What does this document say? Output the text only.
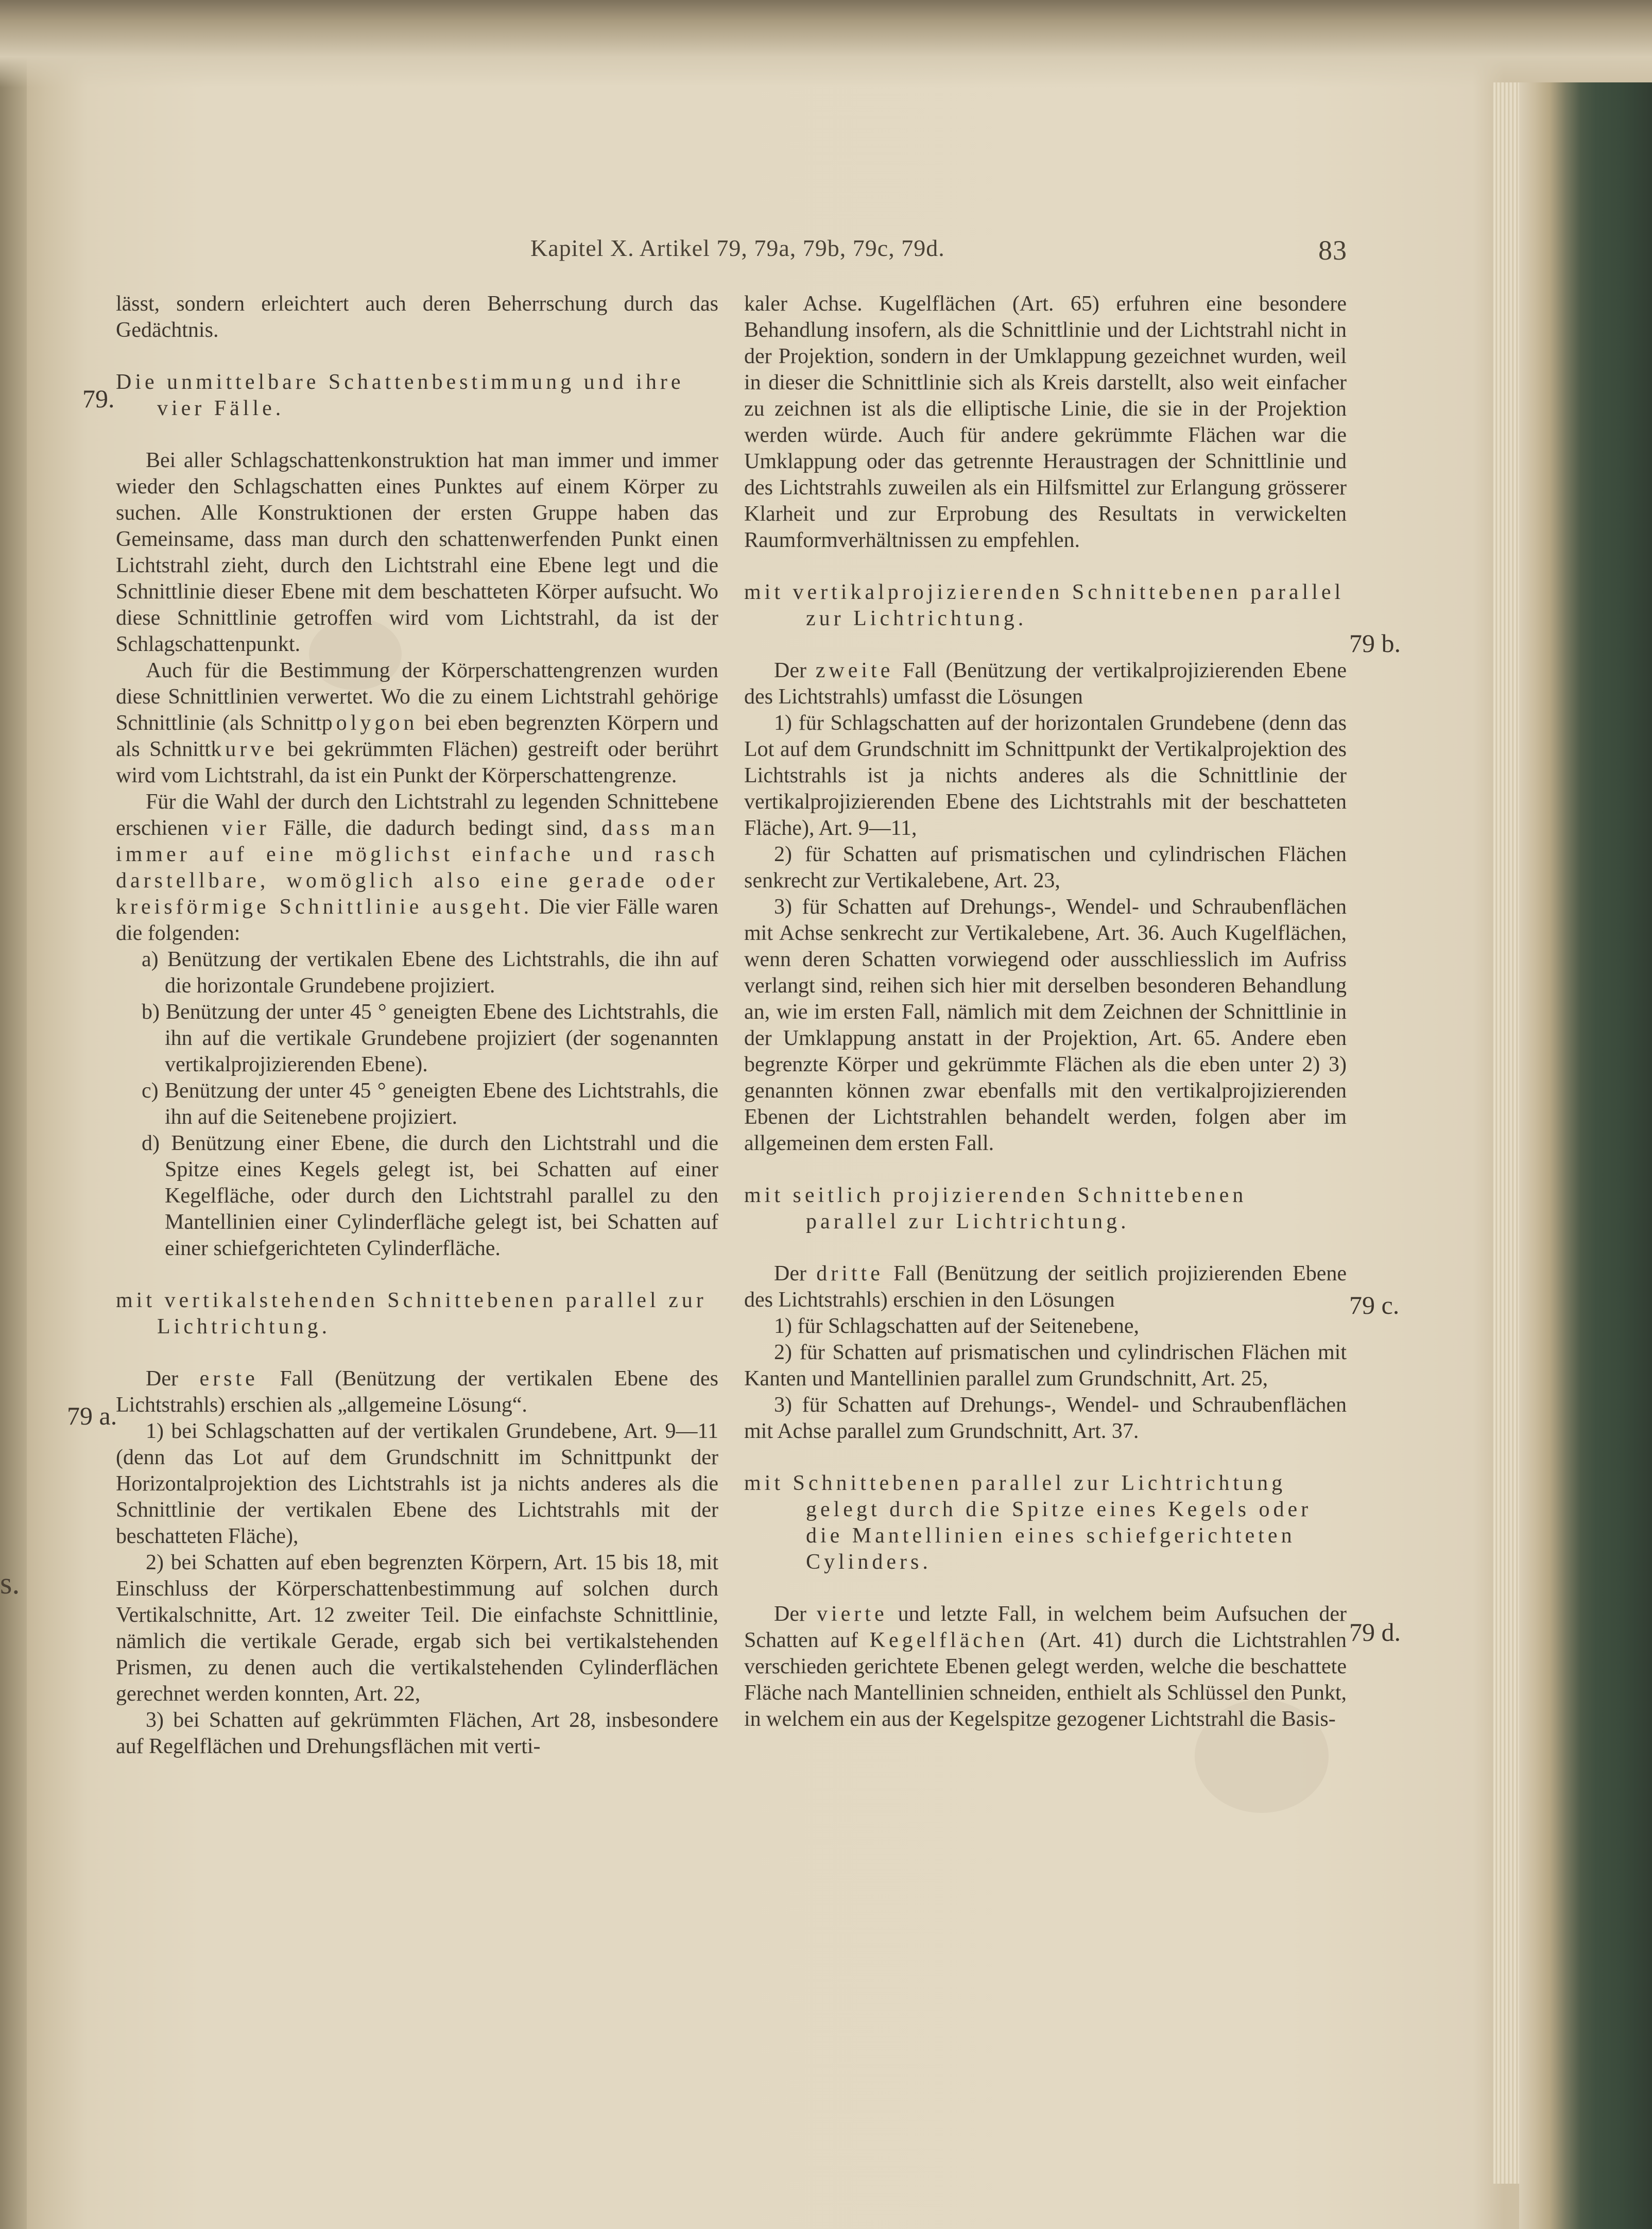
s.
Kapitel X. Artikel 79, 79a, 79b, 79c, 79d.	83
79.
79 a.

lässt, sondern erleichtert auch deren Beherrschung durch das Gedächtnis.

Die unmittelbare Schattenbestimmung und ihre vier Fälle.

Bei aller Schlagschattenkonstruktion hat man immer und immer wieder den Schlagschatten eines Punktes auf einem Körper zu suchen. Alle Konstruktionen der ersten Gruppe haben das Gemeinsame, dass man durch den schattenwerfenden Punkt einen Lichtstrahl zieht, durch den Lichtstrahl eine Ebene legt und die Schnittlinie dieser Ebene mit dem beschatteten Körper aufsucht. Wo diese Schnittlinie getroffen wird vom Lichtstrahl, da ist der Schlagschattenpunkt.

Auch für die Bestimmung der Körperschattengrenzen wurden diese Schnittlinien verwertet. Wo die zu einem Lichtstrahl gehörige Schnittlinie (als Schnittpolygon bei eben begrenzten Körpern und als Schnittkurve bei gekrümmten Flächen) gestreift oder berührt wird vom Lichtstrahl, da ist ein Punkt der Körperschattengrenze.

Für die Wahl der durch den Lichtstrahl zu legenden Schnittebene erschienen vier Fälle, die dadurch bedingt sind, dass man immer auf eine möglichst einfache und rasch darstellbare, womöglich also eine gerade oder kreisförmige Schnittlinie ausgeht. Die vier Fälle waren die folgenden:

a) Benützung der vertikalen Ebene des Lichtstrahls, die ihn auf die horizontale Grundebene projiziert.

b) Benützung der unter 45 ° geneigten Ebene des Lichtstrahls, die ihn auf die vertikale Grundebene projiziert (der sogenannten vertikalprojizierenden Ebene).

c) Benützung der unter 45 ° geneigten Ebene des Lichtstrahls, die ihn auf die Seitenebene projiziert.

d) Benützung einer Ebene, die durch den Lichtstrahl und die Spitze eines Kegels gelegt ist, bei Schatten auf einer Kegelfläche, oder durch den Lichtstrahl parallel zu den Mantellinien einer Cylinderfläche gelegt ist, bei Schatten auf einer schiefgerichteten Cylinderfläche.

mit vertikalstehenden Schnittebenen parallel zur Lichtrichtung.

Der erste Fall (Benützung der vertikalen Ebene des Lichtstrahls) erschien als „allgemeine Lösung“.

1) bei Schlagschatten auf der vertikalen Grundebene, Art. 9—11 (denn das Lot auf dem Grundschnitt im Schnittpunkt der Horizontalprojektion des Lichtstrahls ist ja nichts anderes als die Schnittlinie der vertikalen Ebene des Lichtstrahls mit der beschatteten Fläche),

2) bei Schatten auf eben begrenzten Körpern, Art. 15 bis 18, mit Einschluss der Körperschattenbestimmung auf solchen durch Vertikalschnitte, Art. 12 zweiter Teil. Die einfachste Schnittlinie, nämlich die vertikale Gerade, ergab sich bei vertikalstehenden Prismen, zu denen auch die vertikalstehenden Cylinderflächen gerechnet werden konnten, Art. 22,

3) bei Schatten auf gekrümmten Flächen, Art 28, insbesondere auf Regelflächen und Drehungsflächen mit verti-

79 b.
79 c.
79 d.

kaler Achse. Kugelflächen (Art. 65) erfuhren eine besondere Behandlung insofern, als die Schnittlinie und der Lichtstrahl nicht in der Projektion, sondern in der Umklappung gezeichnet wurden, weil in dieser die Schnittlinie sich als Kreis darstellt, also weit einfacher zu zeichnen ist als die elliptische Linie, die sie in der Projektion werden würde. Auch für andere gekrümmte Flächen war die Umklappung oder das getrennte Heraustragen der Schnittlinie und des Lichtstrahls zuweilen als ein Hilfsmittel zur Erlangung grösserer Klarheit und zur Erprobung des Resultats in verwickelten Raumformverhältnissen zu empfehlen.

mit vertikalprojizierenden Schnittebenen parallel zur Lichtrichtung.

Der zweite Fall (Benützung der vertikalprojizierenden Ebene des Lichtstrahls) umfasst die Lösungen

1) für Schlagschatten auf der horizontalen Grundebene (denn das Lot auf dem Grundschnitt im Schnittpunkt der Vertikalprojektion des Lichtstrahls ist ja nichts anderes als die Schnittlinie der vertikalprojizierenden Ebene des Lichtstrahls mit der beschatteten Fläche), Art. 9—11,

2) für Schatten auf prismatischen und cylindrischen Flächen senkrecht zur Vertikalebene, Art. 23,

3) für Schatten auf Drehungs-, Wendel- und Schraubenflächen mit Achse senkrecht zur Vertikalebene, Art. 36. Auch Kugelflächen, wenn deren Schatten vorwiegend oder ausschliesslich im Aufriss verlangt sind, reihen sich hier mit derselben besonderen Behandlung an, wie im ersten Fall, nämlich mit dem Zeichnen der Schnittlinie in der Umklappung anstatt in der Projektion, Art. 65. Andere eben begrenzte Körper und gekrümmte Flächen als die eben unter 2) 3) genannten können zwar ebenfalls mit den vertikalprojizierenden Ebenen der Lichtstrahlen behandelt werden, folgen aber im allgemeinen dem ersten Fall.

mit seitlich projizierenden Schnittebenen parallel zur Lichtrichtung.

Der dritte Fall (Benützung der seitlich projizierenden Ebene des Lichtstrahls) erschien in den Lösungen

1) für Schlagschatten auf der Seitenebene,

2) für Schatten auf prismatischen und cylindrischen Flächen mit Kanten und Mantellinien parallel zum Grundschnitt, Art. 25,

3) für Schatten auf Drehungs-, Wendel- und Schraubenflächen mit Achse parallel zum Grundschnitt, Art. 37.

mit Schnittebenen parallel zur Lichtrichtung gelegt durch die Spitze eines Kegels oder die Mantellinien eines schiefgerichteten Cylinders.

Der vierte und letzte Fall, in welchem beim Aufsuchen der Schatten auf Kegelflächen (Art. 41) durch die Lichtstrahlen verschieden gerichtete Ebenen gelegt werden, welche die beschattete Fläche nach Mantellinien schneiden, enthielt als Schlüssel den Punkt, in welchem ein aus der Kegelspitze gezogener Lichtstrahl die Basis-
